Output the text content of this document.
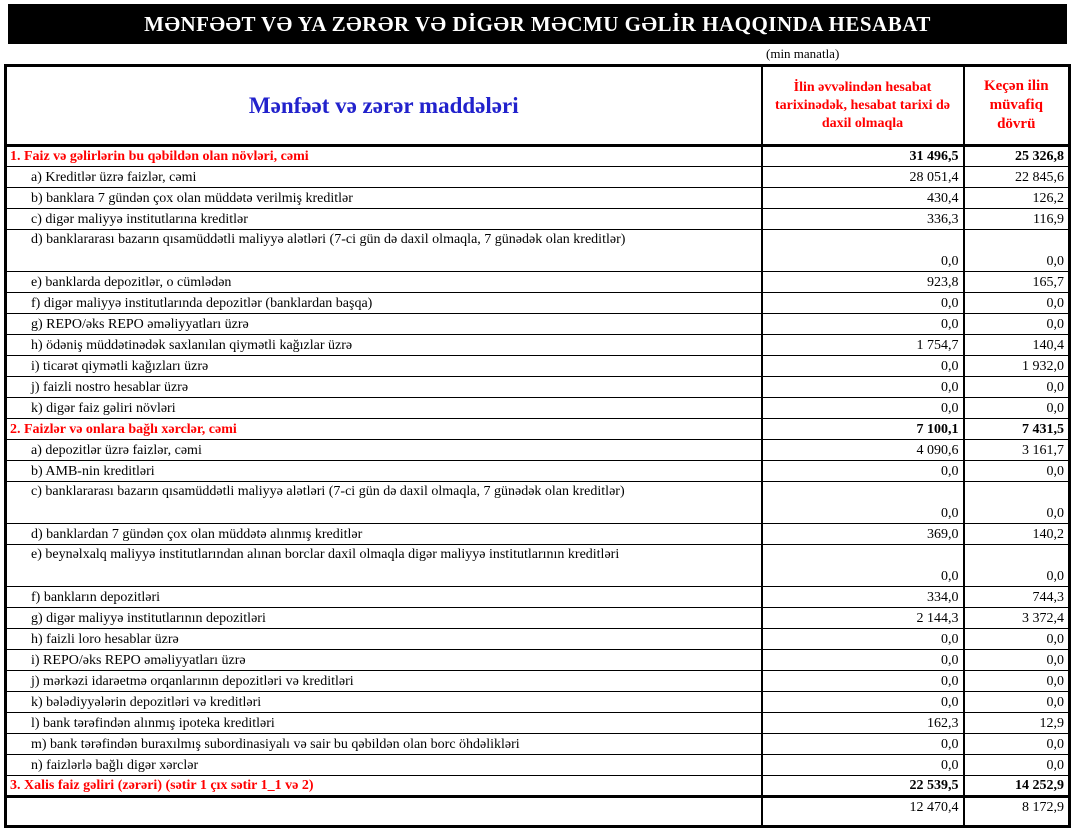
MƏNFƏƏT VƏ YA ZƏRƏR VƏ DİGƏR MƏCMU GƏLİR HAQQINDA HESABAT
(min manatla)
Mənfəət və zərər maddələri	İlin əvvəlindən hesabat tarixinədək, hesabat tarixi də daxil olmaqla	Keçən ilin müvafiq dövrü
1. Faiz və gəlirlərin bu qəbildən olan növləri, cəmi	31 496,5	25 326,8
a) Kreditlər üzrə faizlər, cəmi	28 051,4	22 845,6
b) banklara 7 gündən çox olan müddətə verilmiş kreditlər	430,4	126,2
c) digər maliyyə institutlarına kreditlər	336,3	116,9
d) banklararası bazarın qısamüddətli maliyyə alətləri (7-ci gün də daxil olmaqla, 7 günədək olan kreditlər)	0,0	0,0
e) banklarda depozitlər, o cümlədən	923,8	165,7
f) digər maliyyə institutlarında depozitlər (banklardan başqa)	0,0	0,0
g) REPO/əks REPO əməliyyatları üzrə	0,0	0,0
h) ödəniş müddətinədək saxlanılan qiymətli kağızlar üzrə	1 754,7	140,4
i) ticarət qiymətli kağızları üzrə	0,0	1 932,0
j) faizli nostro hesablar üzrə	0,0	0,0
k) digər faiz gəliri növləri	0,0	0,0
2. Faizlər və onlara bağlı xərclər, cəmi	7 100,1	7 431,5
a) depozitlər üzrə faizlər, cəmi	4 090,6	3 161,7
b) AMB-nin kreditləri	0,0	0,0
c) banklararası bazarın qısamüddətli maliyyə alətləri (7-ci gün də daxil olmaqla, 7 günədək olan kreditlər)	0,0	0,0
d) banklardan 7 gündən çox olan müddətə alınmış kreditlər	369,0	140,2
e) beynəlxalq maliyyə institutlarından alınan borclar daxil olmaqla digər maliyyə institutlarının kreditləri	0,0	0,0
f) bankların depozitləri	334,0	744,3
g) digər maliyyə institutlarının depozitləri	2 144,3	3 372,4
h) faizli loro hesablar üzrə	0,0	0,0
i) REPO/əks REPO əməliyyatları üzrə	0,0	0,0
j) mərkəzi idarəetmə orqanlarının depozitləri və kreditləri	0,0	0,0
k) bələdiyyələrin depozitləri və kreditləri	0,0	0,0
l) bank tərəfindən alınmış ipoteka kreditləri	162,3	12,9
m) bank tərəfindən buraxılmış subordinasiyalı və sair bu qəbildən olan borc öhdəlikləri	0,0	0,0
n) faizlərlə bağlı digər xərclər	0,0	0,0
3. Xalis faiz gəliri (zərəri) (sətir 1 çıx sətir 1_1 və 2)	22 539,5	14 252,9
	12 470,4	8 172,9
